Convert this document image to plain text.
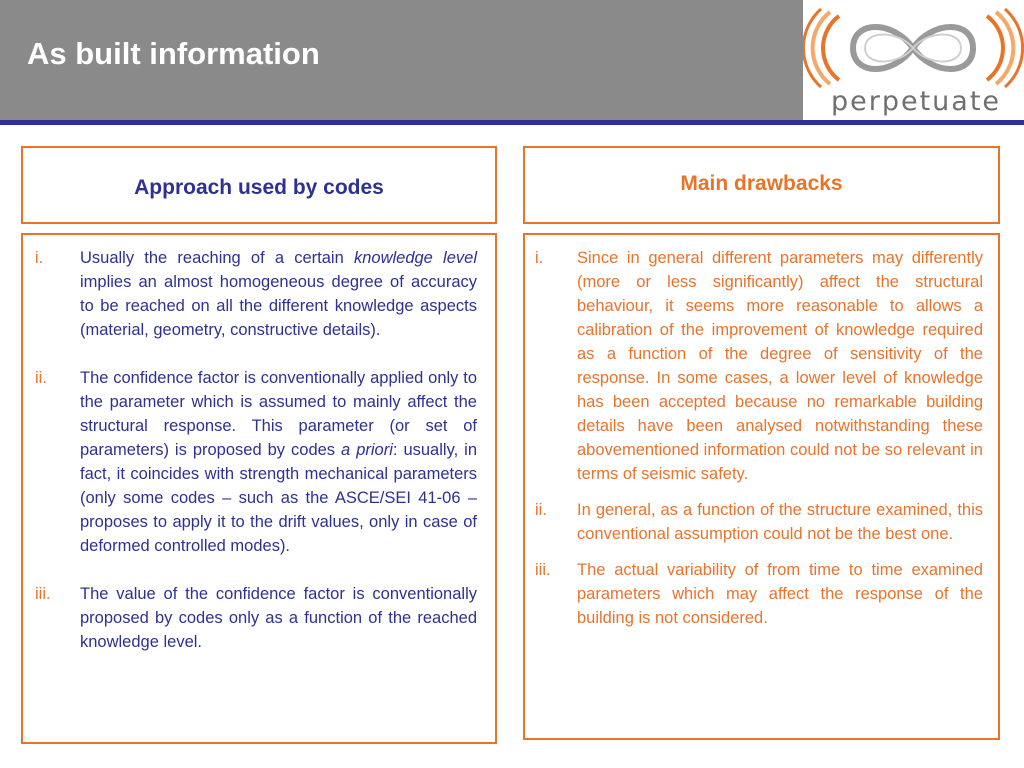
As built information
perpetuate
Approach used by codes	Main drawbacks
i. Usually the reaching of a certain knowledge level implies an almost homogeneous degree of accuracy to be reached on all the different knowledge aspects (material, geometry, constructive details).
ii. The confidence factor is conventionally applied only to the parameter which is assumed to mainly affect the structural response. This parameter (or set of parameters) is proposed by codes a priori: usually, in fact, it coincides with strength mechanical parameters (only some codes – such as the ASCE/SEI 41-06 – proposes to apply it to the drift values, only in case of deformed controlled modes).
iii. The value of the confidence factor is conventionally proposed by codes only as a function of the reached knowledge level.
i. Since in general different parameters may differently (more or less significantly) affect the structural behaviour, it seems more reasonable to allows a calibration of the improvement of knowledge required as a function of the degree of sensitivity of the response. In some cases, a lower level of knowledge has been accepted because no remarkable building details have been analysed notwithstanding these abovementioned information could not be so relevant in terms of seismic safety.
ii. In general, as a function of the structure examined, this conventional assumption could not be the best one.
iii. The actual variability of from time to time examined parameters which may affect the response of the building is not considered.
